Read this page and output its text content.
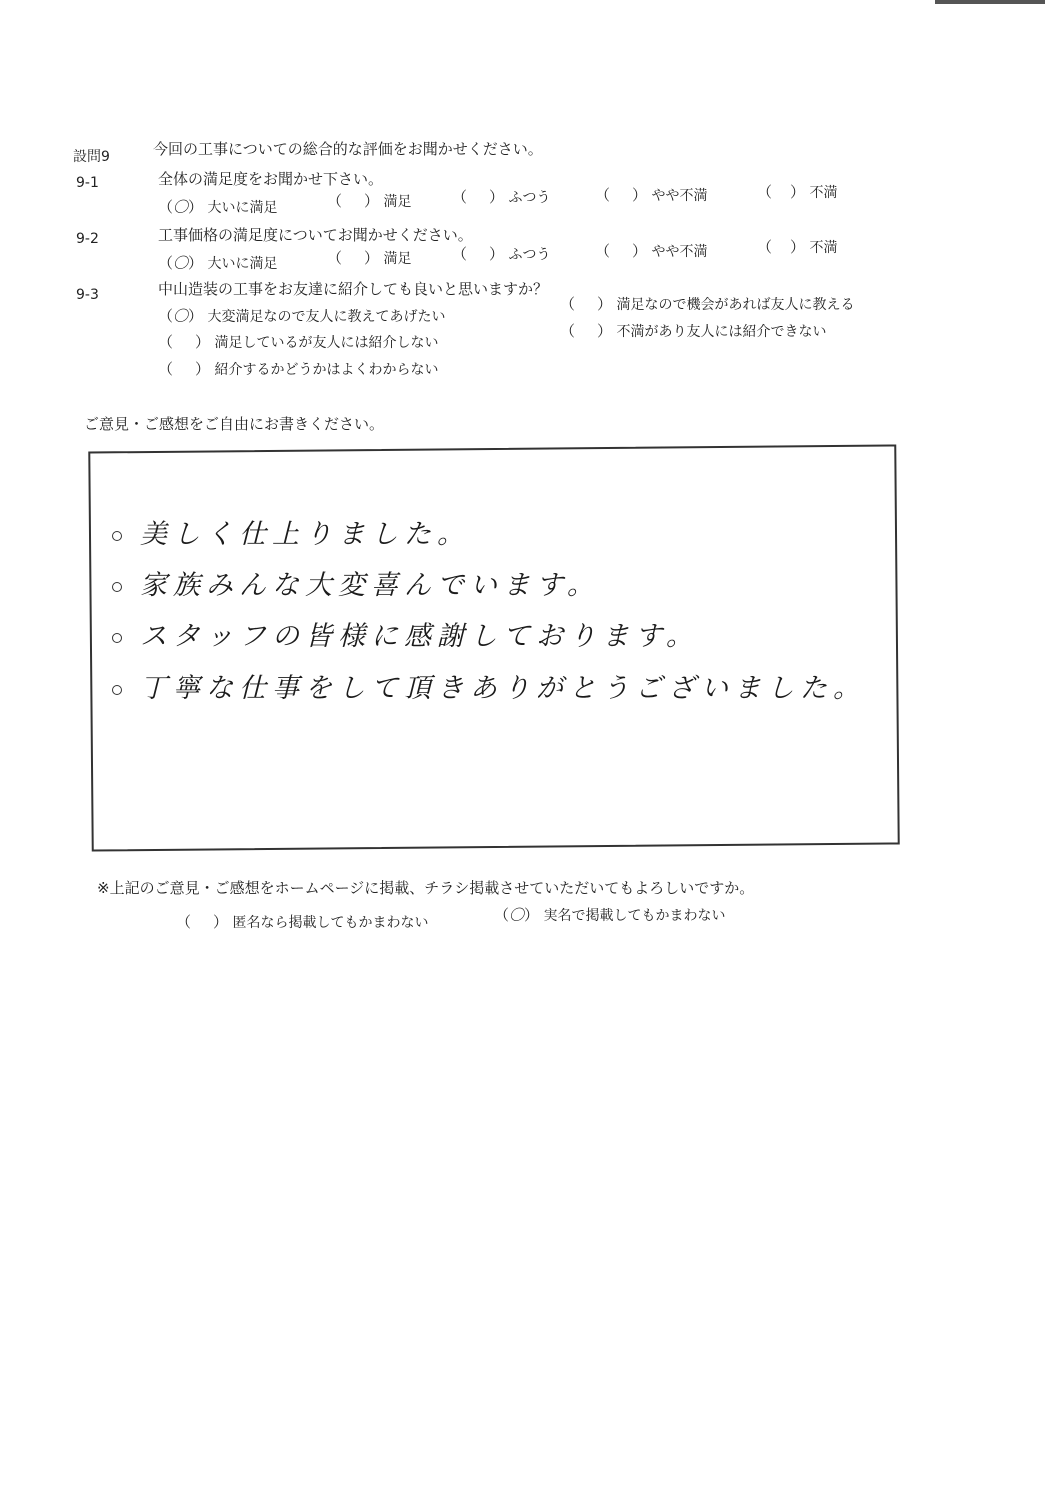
設問9	今回の工事についての総合的な評価をお聞かせください。
9-1	全体の満足度をお聞かせ下さい。
（〇） 大いに満足	（ ） 満足	（ ） ふつう	（ ） やや不満	（ ） 不満
9-2	工事価格の満足度についてお聞かせください。
（〇） 大いに満足	（ ） 満足	（ ） ふつう	（ ） やや不満	（ ） 不満
9-3	中山造装の工事をお友達に紹介しても良いと思いますか？
（〇） 大変満足なので友人に教えてあげたい
（ ） 満足なので機会があれば友人に教える
（ ） 満足しているが友人には紹介しない
（ ） 不満があり友人には紹介できない
（ ） 紹介するかどうかはよくわからない
ご意見・ご感想をご自由にお書きください。
美しく仕上りました。
家族みんな大変喜んでいます。
スタッフの皆様に感謝しております。
丁寧な仕事をして頂きありがとうございました。
※上記のご意見・ご感想をホームページに掲載、チラシ掲載させていただいてもよろしいですか。
（ ） 匿名なら掲載してもかまわない	（〇） 実名で掲載してもかまわない
